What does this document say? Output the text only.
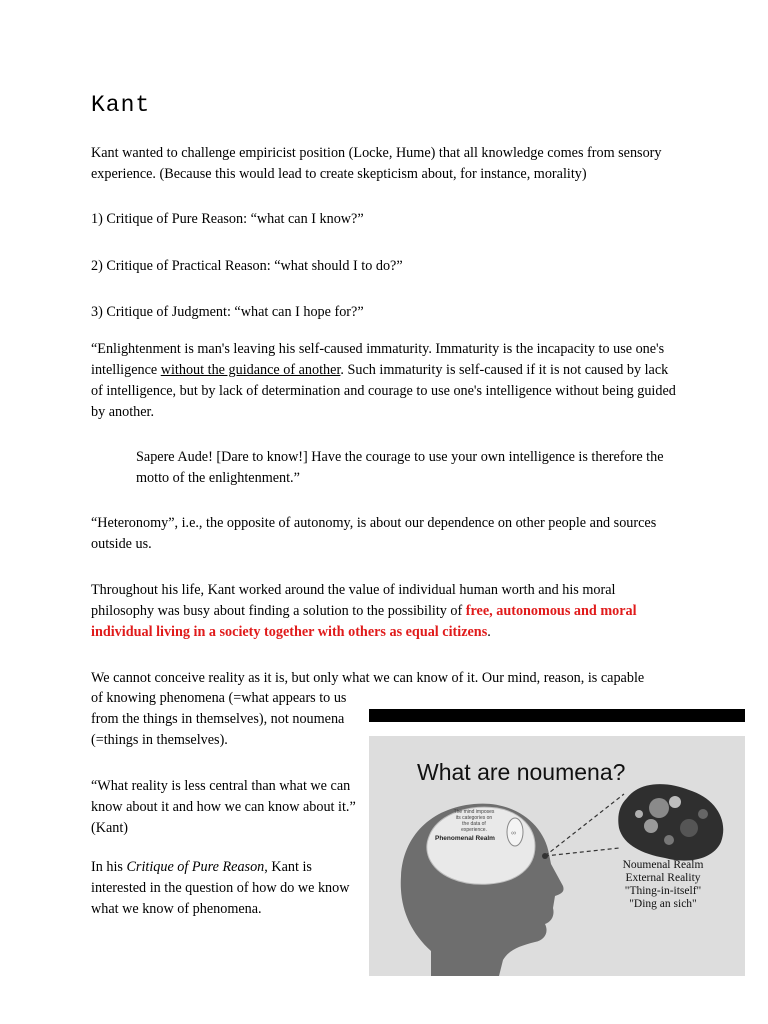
Kant

Kant wanted to challenge empiricist position (Locke, Hume) that all knowledge comes from sensory experience. (Because this would lead to create skepticism about, for instance, morality)

1) Critique of Pure Reason: “what can I know?”

2) Critique of Practical Reason: “what should I to do?”

3) Critique of Judgment: “what can I hope for?”

“Enlightenment is man's leaving his self-caused immaturity. Immaturity is the incapacity to use one's intelligence without the guidance of another. Such immaturity is self-caused if it is not caused by lack of intelligence, but by lack of determination and courage to use one's intelligence without being guided by another.

Sapere Aude! [Dare to know!] Have the courage to use your own intelligence is therefore the motto of the enlightenment.”

“Heteronomy”, i.e., the opposite of autonomy, is about our dependence on other people and sources outside us.

Throughout his life, Kant worked around the value of individual human worth and his moral philosophy was busy about finding a solution to the possibility of free, autonomous and moral individual living in a society together with others as equal citizens.

We cannot conceive reality as it is, but only what we can know of it. Our mind, reason, is capable

of knowing phenomena (=what appears to us from the things in themselves), not noumena (=things in themselves).

“What reality is less central than what we can know about it and how we can know about it.” (Kant)

In his Critique of Pure Reason, Kant is interested in the question of how do we know what we know of phenomena.

What are noumena?
The mind imposes
its categories on
the data of
experience.
Phenomenal Realm
∞
Noumenal Realm
External Reality
"Thing-in-itself"
"Ding an sich"
